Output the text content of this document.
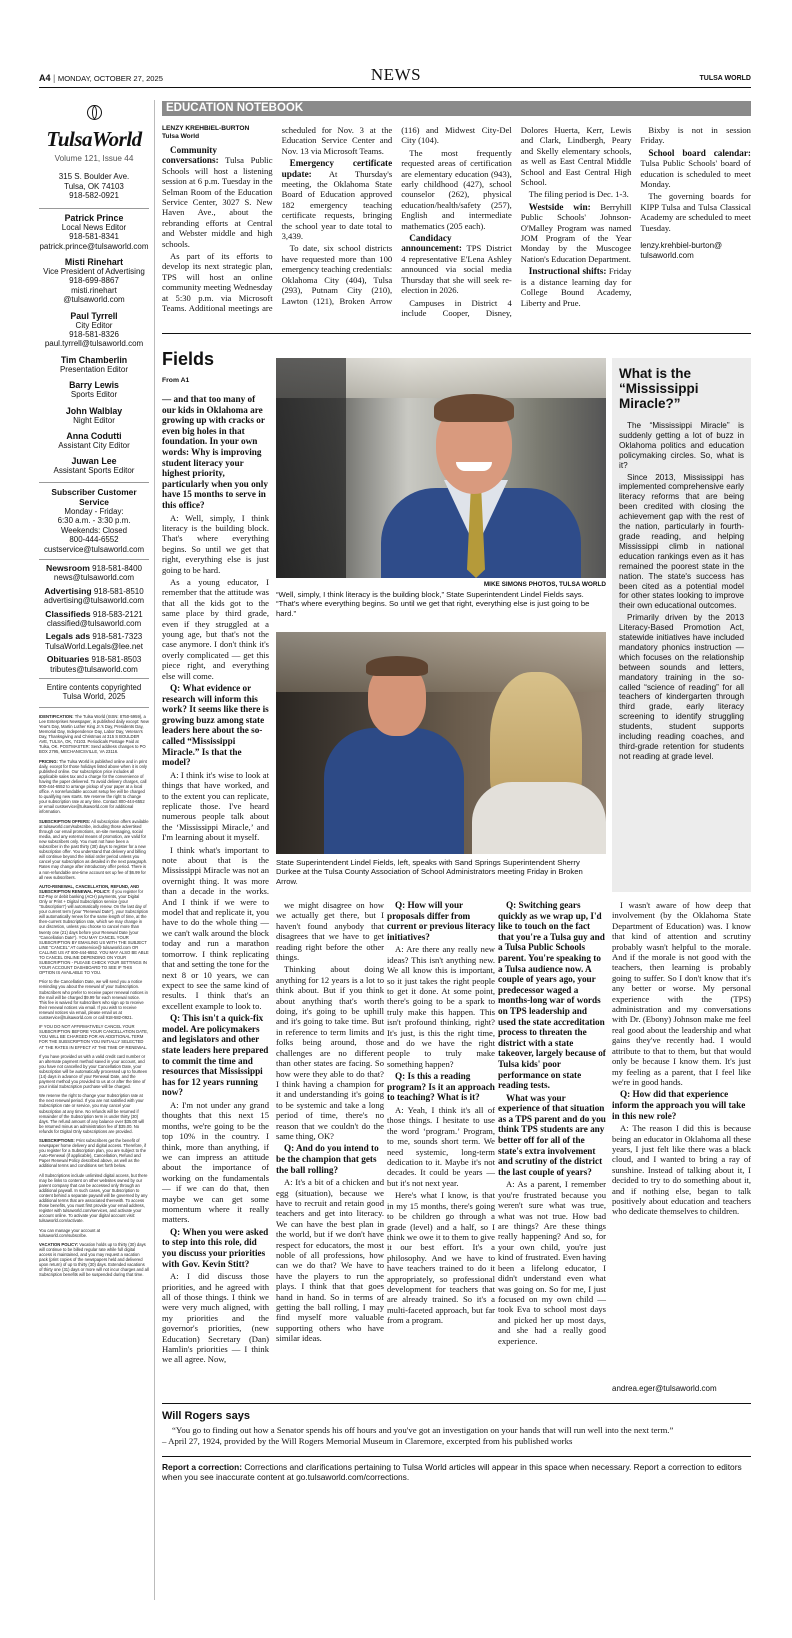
A4 | MONDAY, OCTOBER 27, 2025	NEWS	TULSA WORLD
TulsaWorld
Volume 121, Issue 44
315 S. Boulder Ave.
Tulsa, OK 74103
918-582-0921
Patrick Prince
Local News Editor
918-581-8341
patrick.prince@tulsaworld.com
Misti Rinehart
Vice President of Advertising
918-699-8867
misti.rinehart
@tulsaworld.com
Paul Tyrrell
City Editor
918-581-8326
paul.tyrrell@tulsaworld.com
Tim Chamberlin
Presentation Editor
Barry Lewis
Sports Editor
John Walblay
Night Editor
Anna Codutti
Assistant City Editor
Juwan Lee
Assistant Sports Editor
Subscriber Customer Service
Monday - Friday:
6:30 a.m. - 3:30 p.m.
Weekends: Closed
800-444-6552
custservice@tulsaworld.com
Newsroom 918-581-8400
news@tulsaworld.com
Advertising 918-581-8510
advertising@tulsaworld.com
Classifieds 918-583-2121
classified@tulsaworld.com
Legals ads 918-581-7323
TulsaWorld.Legals@lee.net
Obituaries 918-581-8503
tributes@tulsaworld.com
Entire contents copyrighted
Tulsa World, 2025

IDENTIFICATION: The Tulsa World (ISSN: 8750-5959), a Lee Enterprises Newspaper, is published daily except: New Year's Day, Martin Luther King Jr.'s Day, Presidents Day, Memorial Day, Independence Day, Labor Day, Veteran's Day, Thanksgiving and Christmas at 315 S BOULDER AVE, TULSA, OK, 74103. Periodicals Postage Paid at Tulsa, OK. POSTMASTER: Send address changes to PO BOX 2795, MECHANICSVILLE, VA 23116.

PRICING: The Tulsa World is published online and in print daily, except for those holidays listed above when it is only published online. Our subscription price includes all applicable sales tax and a charge for the convenience of having the paper delivered. To avoid delivery charges, call 800-444-6552 to arrange pickup of your paper at a local office. A nonrefundable account setup fee will be charged to qualifying new starts. We reserve the right to change your subscription rate at any time. Contact 800-444-6552 or email custservice@tulsaworld.com for additional information.

SUBSCRIPTION OFFERS: All subscription offers available at tulsaworld.com/subscribe, including those advertised through our email promotions, on-site messaging, social media, and any external means of promotion, are valid for new subscribers only. You must not have been a subscriber in the past thirty (30) days to register for a new subscription offer. You understand that delivery and billing will continue beyond the initial order period unless you cancel your subscription as detailed in the next paragraph. Rates may change after introductory offer period. There is a non-refundable one-time account set up fee of $6.99 for all new subscribers.

AUTO-RENEWAL, CANCELLATION, REFUND, AND SUBSCRIPTION RENEWAL POLICY: If you register for EZ-Pay or debit banking (ACH) payments, your Digital Only or Print + Digital Subscription service (your "Subscription") will automatically renew. On the last day of your current term (your "Renewal Date"), your Subscription will automatically renew for the same length of time, at the then-current Subscription rate, which we may change in our discretion, unless you choose to cancel more than twenty one (21) days before your Renewal Date (your "Cancellation Date"). YOU MAY CANCEL YOUR SUBSCRIPTION BY EMAILING US WITH THE SUBJECT LINE "CANCEL" AT custservice@ tulsaworld.com OR CALLING US AT 800-444-6552. YOU MAY ALSO BE ABLE TO CANCEL ONLINE DEPENDING ON YOUR SUBSCRIPTION - PLEASE CHECK YOUR SETTINGS IN YOUR ACCOUNT DASHBOARD TO SEE IF THIS OPTION IS AVAILABLE TO YOU.

Prior to the Cancellation Date, we will send you a notice reminding you about the renewal of your Subscription. Subscribers who prefer to receive paper renewal notices in the mail will be charged $9.99 for each renewal notice. This fee is waived for subscribers who sign up to receive their renewal notices via email. If you wish to receive renewal notices via email, please email us at custservice@tulsaworld.com or call 918-582-0921.

IF YOU DO NOT AFFIRMATIVELY CANCEL YOUR SUBSCRIPTION BEFORE YOUR CANCELLATION DATE, YOU WILL BE CHARGED FOR AN ADDITIONAL TERM FOR THE SUBSCRIPTION YOU INITIALLY SELECTED AT THE RATES IN EFFECT AT THE TIME OF RENEWAL.

If you have provided us with a valid credit card number or an alternate payment method saved in your account, and you have not cancelled by your Cancellation Date, your subscription will be automatically processed up to fourteen (14) days in advance of your Renewal Date, and the payment method you provided to us at or after the time of your initial Subscription purchase will be charged.

We reserve the right to change your Subscription rate at the next renewal period. If you are not satisfied with your Subscription rate or service, you may cancel your subscription at any time. No refunds will be returned if remainder of the Subscription term is under thirty (30) days. The refund amount of any balance over $35.00 will be returned minus an administration fee of $35.00. No refunds for Digital Only subscriptions are provided.

SUBSCRIPTIONS: Print subscribers get the benefit of newspaper home delivery and digital access. Therefore, if you register for a Subscription plan, you are subject to the Auto-Renewal (if applicable), Cancellation, Refund and Paper Renewal Policy described above, as well as the additional terms and conditions set forth below.

All Subscriptions include unlimited digital access, but there may be links to content on other websites owned by our parent company that can be accessed only through an additional paywall. In such cases, your Subscription to content behind a separate paywall will be governed by any additional terms that are associated therewith. To access those benefits, you must first provide your email address, register with tulsaworld.com/services, and activate your account online. To activate your digital account visit: tulsaworld.com/activate.

You can manage your account at tulsaworld.com/subscribe.

VACATION POLICY: Vacation holds up to thirty (30) days will continue to be billed regular rate while full digital access is maintained, and you may request a vacation pack (print copies of the newspapers held and delivered upon return) of up to thirty (30) days. Extended vacations of thirty one (31) days or more will not incur charges and all Subscription benefits will be suspended during that time.

EDUCATION NOTEBOOK
LENZY KREHBIEL-BURTON
Tulsa World

Community conversations: Tulsa Public Schools will host a listening session at 6 p.m. Tuesday in the Selman Room of the Education Service Center, 3027 S. New Haven Ave., about the rebranding efforts at Central and Webster middle and high schools.

As part of its efforts to develop its next strategic plan, TPS will host an online community meeting Wednesday at 5:30 p.m. via Microsoft Teams. Additional meetings are scheduled for Nov. 3 at the Education Service Center and Nov. 13 via Microsoft Teams.

Emergency certificate update: At Thursday's meeting, the Oklahoma State Board of Education approved 182 emergency teaching certificate requests, bringing the school year to date total to 3,439.

To date, six school districts have requested more than 100 emergency teaching credentials: Oklahoma City (404), Tulsa (293), Putnam City (210), Lawton (121), Broken Arrow (116) and Midwest City-Del City (104).

The most frequently requested areas of certification are elementary education (943), early childhood (427), school counselor (262), physical education/health/safety (257), English and intermediate mathematics (205 each).

Candidacy announcement: TPS District 4 representative E'Lena Ashley announced via social media Thursday that she will seek re-election in 2026.

Campuses in District 4 include Cooper, Disney, Dolores Huerta, Kerr, Lewis and Clark, Lindbergh, Peary and Skelly elementary schools, as well as East Central Middle School and East Central High School.

The filing period is Dec. 1-3.

Westside win: Berryhill Public Schools' Johnson-O'Malley Program was named JOM Program of the Year Monday by the Muscogee Nation's Education Department.

Instructional shifts: Friday is a distance learning day for College Bound Academy, Liberty and Prue.

Bixby is not in session Friday.

School board calendar: Tulsa Public Schools' board of education is scheduled to meet Monday.

The governing boards for KIPP Tulsa and Tulsa Classical Academy are scheduled to meet Tuesday.

lenzy.krehbiel-burton@ tulsaworld.com

Fields
From A1

— and that too many of our kids in Oklahoma are growing up with cracks or even big holes in that foundation. In your own words: Why is improving student literacy your highest priority, particularly when you only have 15 months to serve in this office?

A: Well, simply, I think literacy is the building block. That's where everything begins. So until we get that right, everything else is just going to be hard.

As a young educator, I remember that the attitude was that all the kids got to the same place by third grade, even if they struggled at a young age, but that's not the case anymore. I don't think it's overly complicated — get this piece right, and everything else will come.

Q: What evidence or research will inform this work? It seems like there is growing buzz among state leaders here about the so-called “Mississippi Miracle.” Is that the model?

A: I think it's wise to look at things that have worked, and to the extent you can replicate, replicate those. I've heard numerous people talk about the ‘Mississippi Miracle,’ and I'm learning about it myself.

I think what's important to note about that is the Mississippi Miracle was not an overnight thing. It was more than a decade in the works. And I think if we were to model that and replicate it, you have to do the whole thing — we can't walk around the block today and run a marathon tomorrow. I think replicating that and setting the tone for the next 8 or 10 years, we can expect to see the same kind of results. I think that's an excellent example to look to.

Q: This isn't a quick-fix model. Are policymakers and legislators and other state leaders here prepared to commit the time and resources that Mississippi has for 12 years running now?

A: I'm not under any grand thoughts that this next 15 months, we're going to be the top 10% in the country. I think, more than anything, if we can impress an attitude about the importance of working on the fundamentals — if we can do that, then maybe we can get some momentum where it really matters.

Q: When you were asked to step into this role, did you discuss your priorities with Gov. Kevin Stitt?

A: I did discuss those priorities, and he agreed with all of those things. I think we were very much aligned, with my priorities and the governor's priorities, (new Education) Secretary (Dan) Hamlin's priorities — I think we all agree. Now,

MIKE SIMONS PHOTOS, TULSA WORLD
“Well, simply, I think literacy is the building block,” State Superintendent Lindel Fields says. “That's where everything begins. So until we get that right, everything else is just going to be hard.”
State Superintendent Lindel Fields, left, speaks with Sand Springs Superintendent Sherry Durkee at the Tulsa County Association of School Administrators meeting Friday in Broken Arrow.

we might disagree on how we actually get there, but I haven't found anybody that disagrees that we have to get reading right before the other things.

Thinking about doing anything for 12 years is a lot to think about. But if you think about anything that's worth doing, it's going to be uphill and it's going to take time. But in reference to term limits and folks being around, those challenges are no different than other states are facing. So how were they able to do that? I think having a champion for it and understanding it's going to be systemic and take a long period of time, there's no reason that we couldn't do the same thing, OK?

Q: And do you intend to be the champion that gets the ball rolling?

A: It's a bit of a chicken and egg (situation), because we have to recruit and retain good teachers and get into literacy. We can have the best plan in the world, but if we don't have respect for educators, the most noble of all professions, how can we do that? We have to have the players to run the plays. I think that that goes hand in hand. So in terms of getting the ball rolling, I may find myself more valuable supporting others who have similar ideas.

Q: How will your proposals differ from current or previous literacy initiatives?

A: Are there any really new ideas? This isn't anything new. We all know this is important, so it just takes the right people to get it done. At some point, there's going to be a spark to truly make this happen. This isn't profound thinking, right? It's just, is this the right time, and do we have the right people to truly make something happen?

Q: Is this a reading program? Is it an approach to teaching? What is it?

A: Yeah, I think it's all of those things. I hesitate to use the word ‘program.’ Program, to me, sounds short term. We need systemic, long-term dedication to it. Maybe it's not decades. It could be years — but it's not next year.

Here's what I know, is that in my 15 months, there's going to be children go through a grade (level) and a half, so I think we owe it to them to give it our best effort. It's a philosophy. And we have to have teachers trained to do it appropriately, so professional development for teachers that are already trained. So it's a multi-faceted approach, but far from a program.

Q: Switching gears quickly as we wrap up, I'd like to touch on the fact that you're a Tulsa guy and a Tulsa Public Schools parent. You're speaking to a Tulsa audience now. A couple of years ago, your predecessor waged a months-long war of words on TPS leadership and used the state accreditation process to threaten the district with a state takeover, largely because of Tulsa kids' poor performance on state reading tests.

What was your experience of that situation as a TPS parent and do you think TPS students are any better off for all of the state's extra involvement and scrutiny of the district the last couple of years?

A: As a parent, I remember you're frustrated because you weren't sure what was true, what was not true. How bad are things? Are these things really happening? And so, for your own child, you're just kind of frustrated. Even having been a lifelong educator, I didn't understand even what was going on. So for me, I just focused on my own child — took Eva to school most days and picked her up most days, and she had a really good experience.

I wasn't aware of how deep that involvement (by the Oklahoma State Department of Education) was. I know that kind of attention and scrutiny probably wasn't helpful to the morale. And if the morale is not good with the teachers, then learning is probably going to suffer. So I don't know that it's any better or worse. My personal experience with the (TPS) administration and my conversations with Dr. (Ebony) Johnson make me feel real good about the leadership and what gains they've recently had. I would attribute to that to them, but that would only be because I know them. It's just my feeling as a parent, that I feel like we're in good hands.

Q: How did that experience inform the approach you will take in this new role?

A: The reason I did this is because being an educator in Oklahoma all these years, I just felt like there was a black cloud, and I wanted to bring a ray of sunshine. Instead of talking about it, I decided to try to do something about it, and if nothing else, began to talk positively about education and teachers who dedicate themselves to children.

andrea.eger@tulsaworld.com
What is the “Mississippi Miracle?”

The “Mississippi Miracle” is suddenly getting a lot of buzz in Oklahoma politics and education policymaking circles. So, what is it?

Since 2013, Mississippi has implemented comprehensive early literacy reforms that are being been credited with closing the achievement gap with the rest of the nation, particularly in fourth-grade reading, and helping Mississippi climb in national education rankings even as it has remained the poorest state in the nation. The state's success has been cited as a potential model for other states looking to improve their own educational outcomes.

Primarily driven by the 2013 Literacy-Based Promotion Act, statewide initiatives have included mandatory phonics instruction — which focuses on the relationship between sounds and letters, mandatory training in the so-called “science of reading” for all teachers of kindergarten through third grade, early literacy screening to identify struggling students, student supports including reading coaches, and third-grade retention for students not reading at grade level.

Will Rogers says
“You go to finding out how a Senator spends his off hours and you've got an investigation on your hands that will run well into the next term.”
– April 27, 1924, provided by the Will Rogers Memorial Museum in Claremore, excerpted from his published works
Report a correction: Corrections and clarifications pertaining to Tulsa World articles will appear in this space when necessary. Report a correction to editors when you see inaccurate content at go.tulsaworld.com/corrections.
